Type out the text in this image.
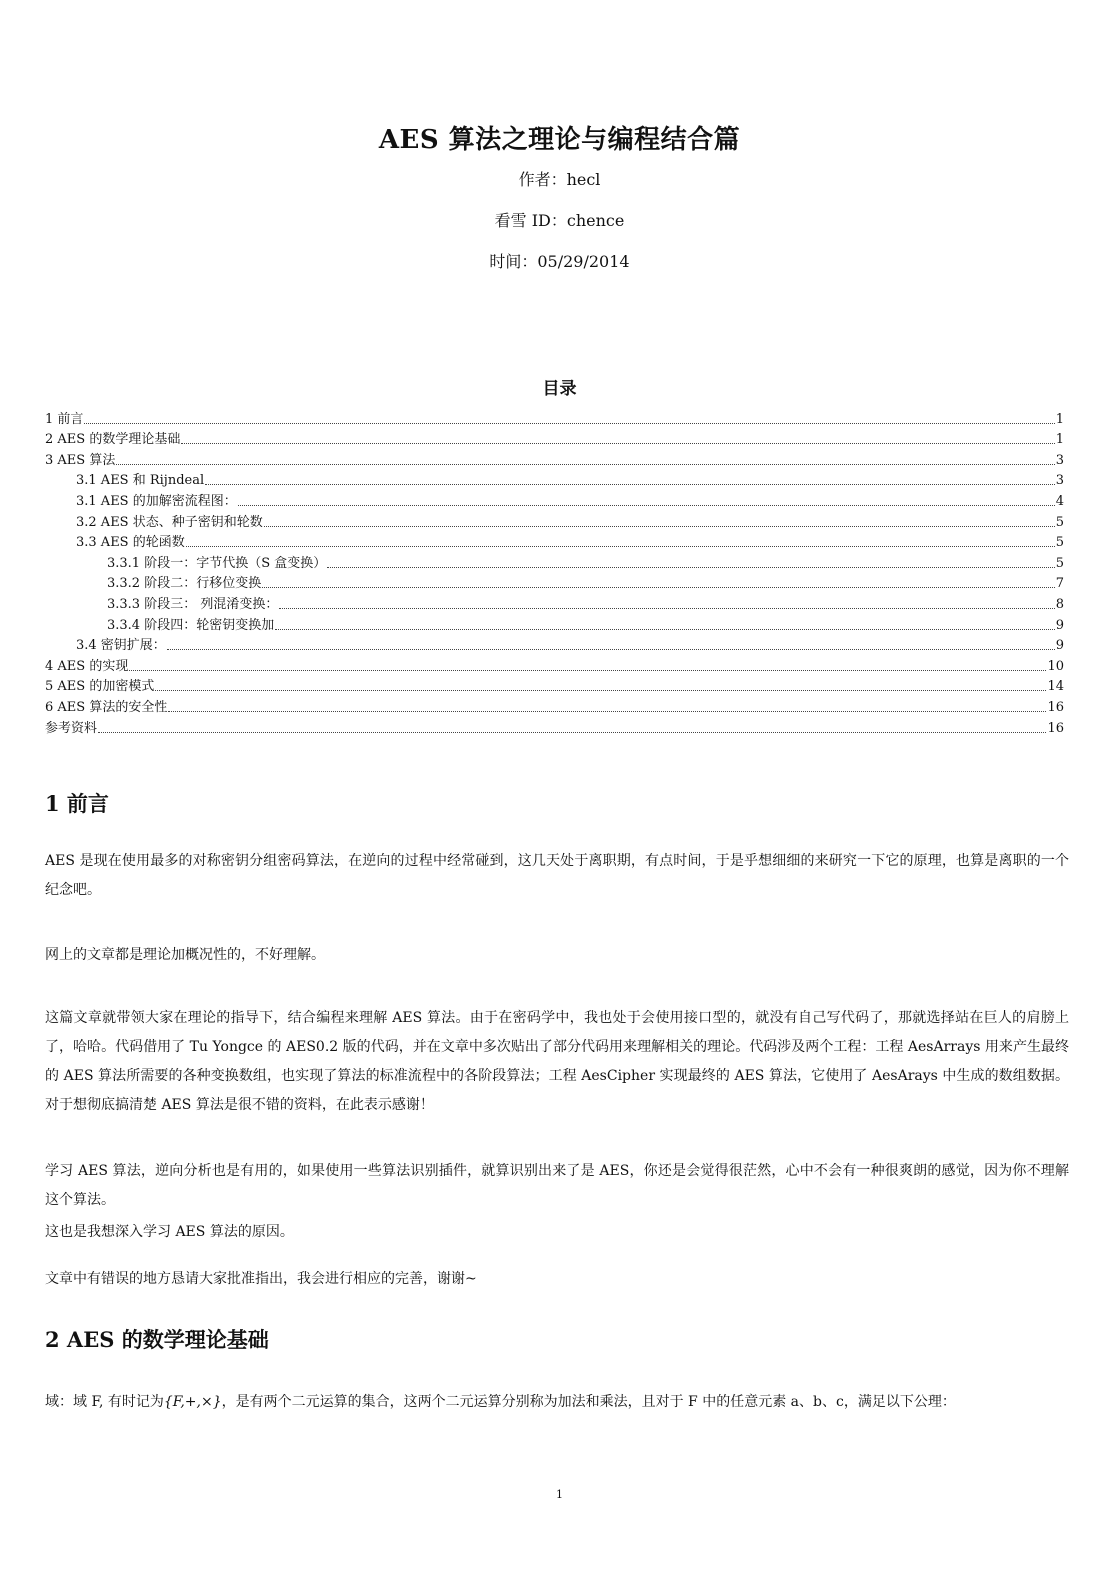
AES 算法之理论与编程结合篇
作者：hecl
看雪 ID：chence
时间：05/29/2014
目录
1 前言	1
2 AES 的数学理论基础	1
3 AES 算法	3
3.1 AES 和 Rijndeal	3
3.1 AES 的加解密流程图：	4
3.2 AES 状态、种子密钥和轮数	5
3.3 AES 的轮函数	5
3.3.1 阶段一：字节代换（S 盒变换）	5
3.3.2 阶段二：行移位变换	7
3.3.3 阶段三： 列混淆变换：	8
3.3.4 阶段四：轮密钥变换加	9
3.4 密钥扩展：	9
4 AES 的实现	10
5 AES 的加密模式	14
6 AES 算法的安全性	16
参考资料	16
1 前言

AES 是现在使用最多的对称密钥分组密码算法，在逆向的过程中经常碰到，这几天处于离职期，有点时间，于是乎想细细的来研究一下它的原理，也算是离职的一个纪念吧。

网上的文章都是理论加概况性的，不好理解。

这篇文章就带领大家在理论的指导下，结合编程来理解 AES 算法。由于在密码学中，我也处于会使用接口型的，就没有自己写代码了，那就选择站在巨人的肩膀上了，哈哈。代码借用了 Tu Yongce 的 AES0.2 版的代码，并在文章中多次贴出了部分代码用来理解相关的理论。代码涉及两个工程：工程 AesArrays 用来产生最终的 AES 算法所需要的各种变换数组，也实现了算法的标准流程中的各阶段算法；工程 AesCipher 实现最终的 AES 算法，它使用了 AesArays 中生成的数组数据。对于想彻底搞清楚 AES 算法是很不错的资料，在此表示感谢！

学习 AES 算法，逆向分析也是有用的，如果使用一些算法识别插件，就算识别出来了是 AES，你还是会觉得很茫然，心中不会有一种很爽朗的感觉，因为你不理解这个算法。

这也是我想深入学习 AES 算法的原因。

文章中有错误的地方恳请大家批准指出，我会进行相应的完善，谢谢~

2 AES 的数学理论基础

域：域 F, 有时记为{F,+,×}，是有两个二元运算的集合，这两个二元运算分别称为加法和乘法，且对于 F 中的任意元素 a、b、c，满足以下公理：

1
